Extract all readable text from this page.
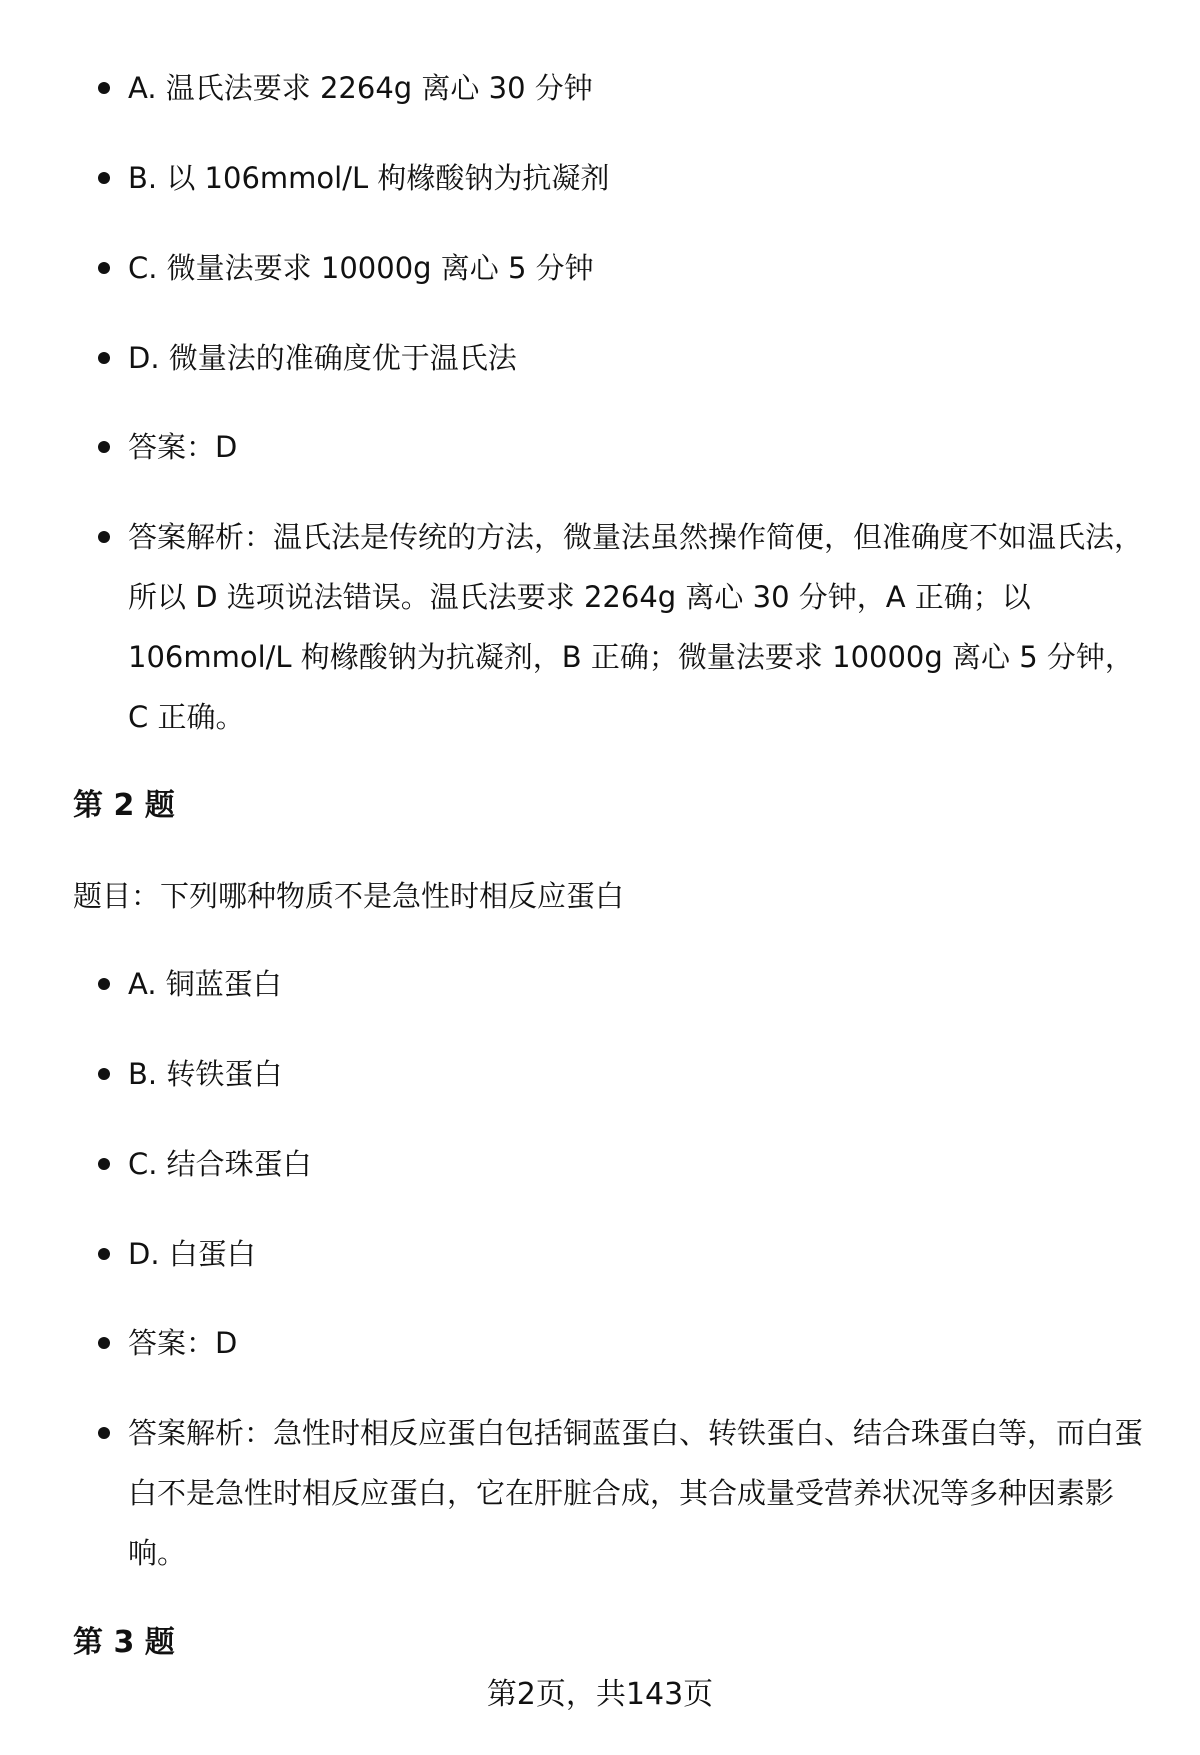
A. 温氏法要求 2264g 离心 30 分钟
B. 以 106mmol/L 枸橼酸钠为抗凝剂
C. 微量法要求 10000g 离心 5 分钟
D. 微量法的准确度优于温氏法
答案：D
答案解析：温氏法是传统的方法，微量法虽然操作简便，但准确度不如温氏法，所以 D 选项说法错误。温氏法要求 2264g 离心 30 分钟，A 正确；以 106mmol/L 枸橼酸钠为抗凝剂，B 正确；微量法要求 10000g 离心 5 分钟，C 正确。
第 2 题
题目：下列哪种物质不是急性时相反应蛋白
A. 铜蓝蛋白
B. 转铁蛋白
C. 结合珠蛋白
D. 白蛋白
答案：D
答案解析：急性时相反应蛋白包括铜蓝蛋白、转铁蛋白、结合珠蛋白等，而白蛋白不是急性时相反应蛋白，它在肝脏合成，其合成量受营养状况等多种因素影响。
第 3 题
第2页，共143页
